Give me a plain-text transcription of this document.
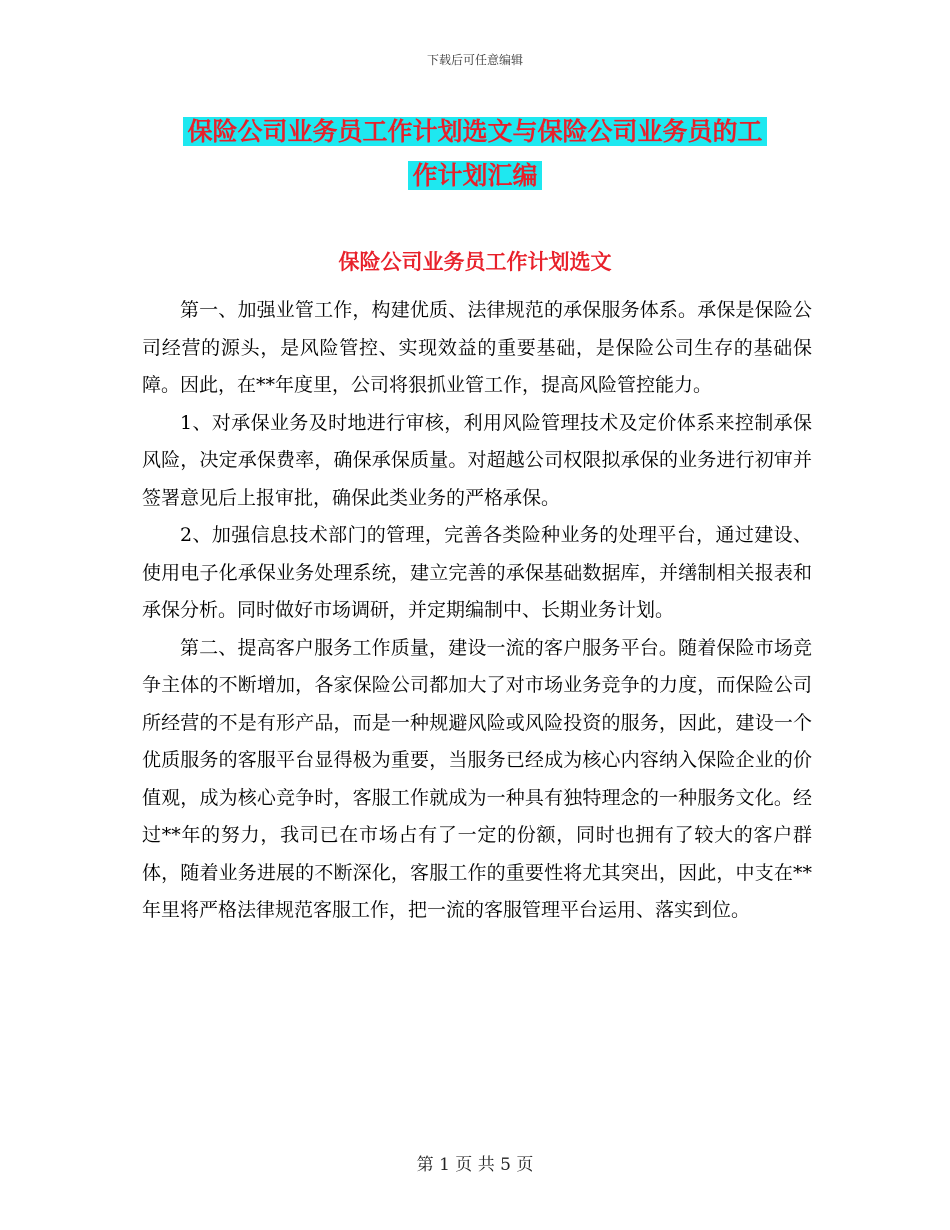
下载后可任意编辑
保险公司业务员工作计划选文与保险公司业务员的工
作计划汇编
保险公司业务员工作计划选文

第一、加强业管工作，构建优质、法律规范的承保服务体系。承保是保险公司经营的源头，是风险管控、实现效益的重要基础，是保险公司生存的基础保障。因此，在**年度里，公司将狠抓业管工作，提高风险管控能力。

1、对承保业务及时地进行审核，利用风险管理技术及定价体系来控制承保风险，决定承保费率，确保承保质量。对超越公司权限拟承保的业务进行初审并签署意见后上报审批，确保此类业务的严格承保。

2、加强信息技术部门的管理，完善各类险种业务的处理平台，通过建设、使用电子化承保业务处理系统，建立完善的承保基础数据库，并缮制相关报表和承保分析。同时做好市场调研，并定期编制中、长期业务计划。

第二、提高客户服务工作质量，建设一流的客户服务平台。随着保险市场竞争主体的不断增加，各家保险公司都加大了对市场业务竞争的力度，而保险公司所经营的不是有形产品，而是一种规避风险或风险投资的服务，因此，建设一个优质服务的客服平台显得极为重要，当服务已经成为核心内容纳入保险企业的价值观，成为核心竞争时，客服工作就成为一种具有独特理念的一种服务文化。经过**年的努力，我司已在市场占有了一定的份额，同时也拥有了较大的客户群体，随着业务进展的不断深化，客服工作的重要性将尤其突出，因此，中支在**年里将严格法律规范客服工作，把一流的客服管理平台运用、落实到位。

第 1 页 共 5 页
